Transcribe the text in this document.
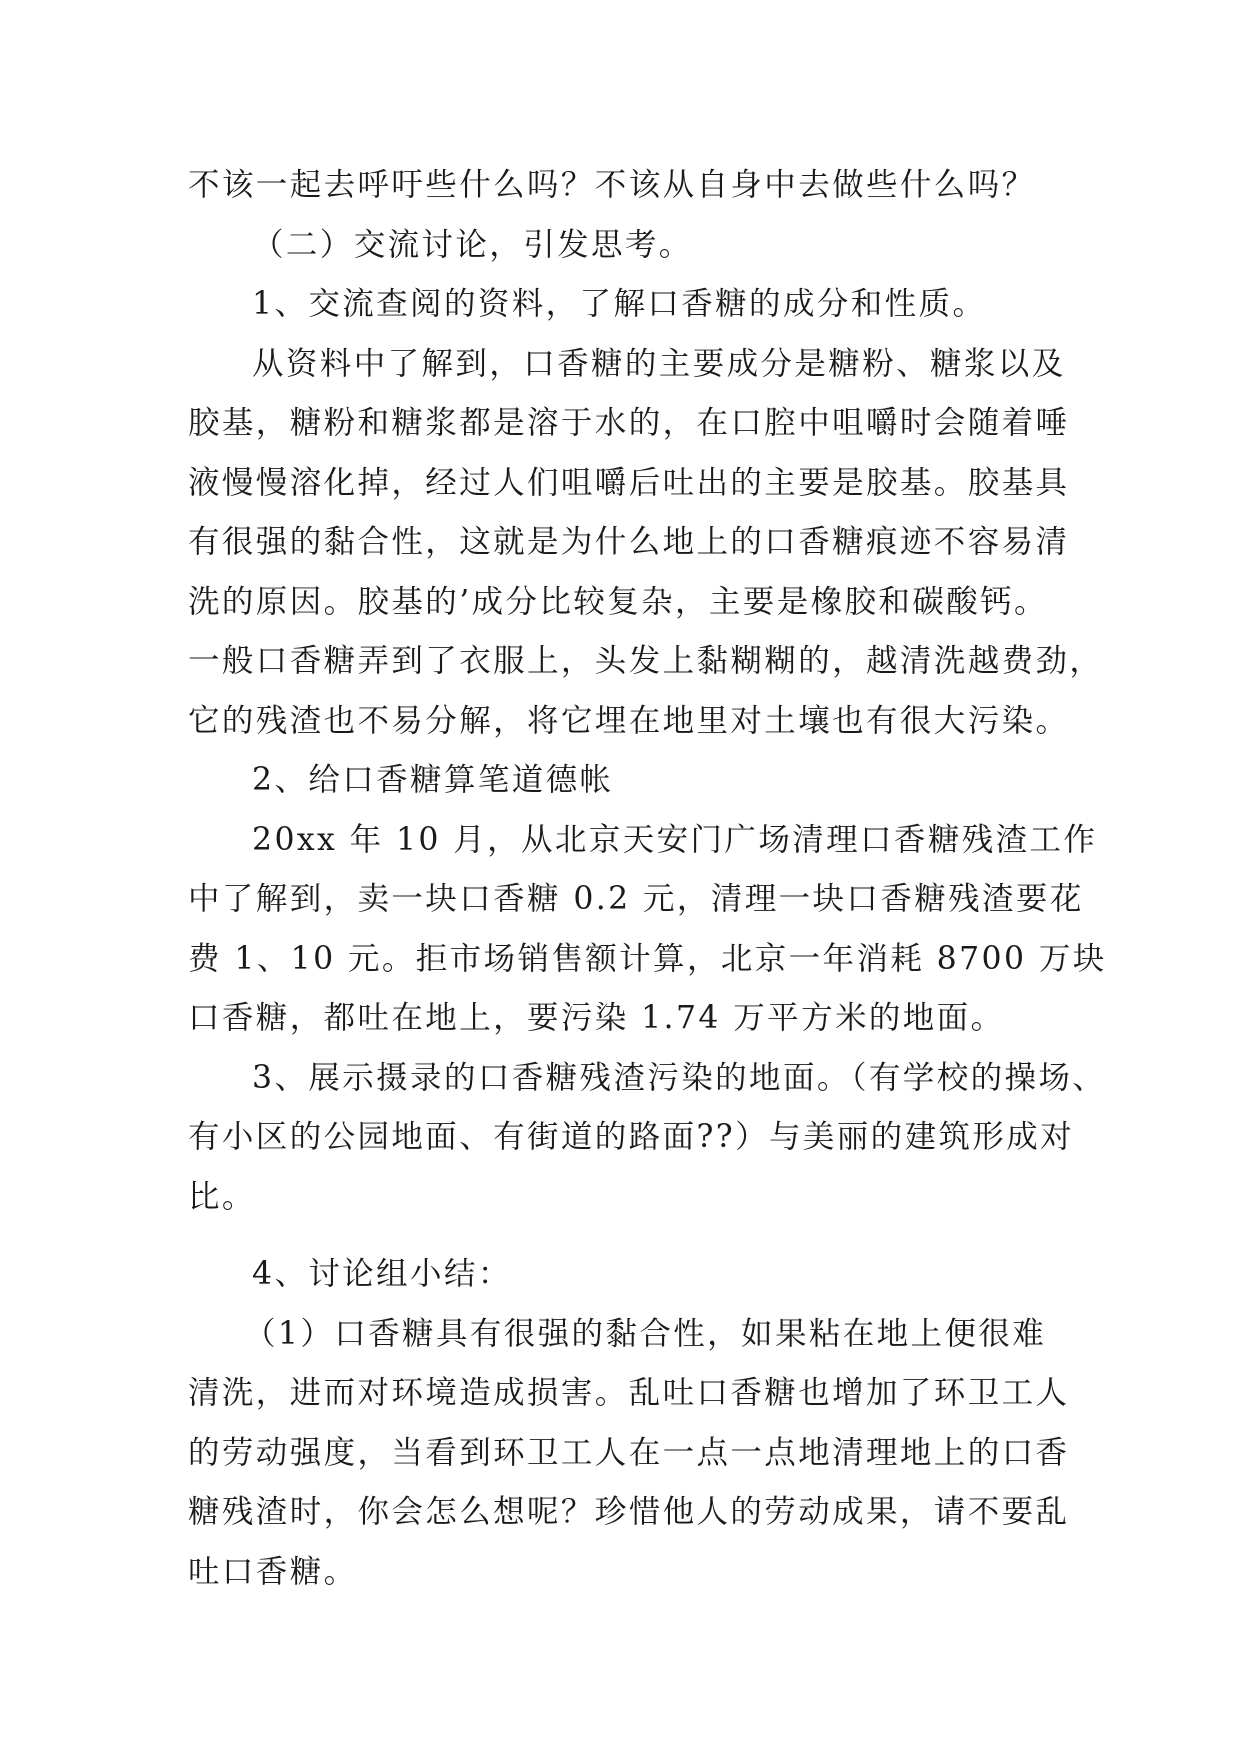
不该一起去呼吁些什么吗？不该从自身中去做些什么吗？
（二）交流讨论，引发思考。
1、交流查阅的资料，了解口香糖的成分和性质。
从资料中了解到，口香糖的主要成分是糖粉、糖浆以及
胶基，糖粉和糖浆都是溶于水的，在口腔中咀嚼时会随着唾
液慢慢溶化掉，经过人们咀嚼后吐出的主要是胶基。胶基具
有很强的黏合性，这就是为什么地上的口香糖痕迹不容易清
洗的原因。胶基的’成分比较复杂，主要是橡胶和碳酸钙。
一般口香糖弄到了衣服上，头发上黏糊糊的，越清洗越费劲，
它的残渣也不易分解，将它埋在地里对土壤也有很大污染。
2、给口香糖算笔道德帐
20xx 年 10 月，从北京天安门广场清理口香糖残渣工作
中了解到，卖一块口香糖 0.2 元，清理一块口香糖残渣要花
费 1、10 元。拒市场销售额计算，北京一年消耗 8700 万块
口香糖，都吐在地上，要污染 1.74 万平方米的地面。
3、展示摄录的口香糖残渣污染的地面。（有学校的操场、
有小区的公园地面、有街道的路面??）与美丽的建筑形成对
比。
4、讨论组小结：
（1）口香糖具有很强的黏合性，如果粘在地上便很难
清洗，进而对环境造成损害。乱吐口香糖也增加了环卫工人
的劳动强度，当看到环卫工人在一点一点地清理地上的口香
糖残渣时，你会怎么想呢？珍惜他人的劳动成果，请不要乱
吐口香糖。
